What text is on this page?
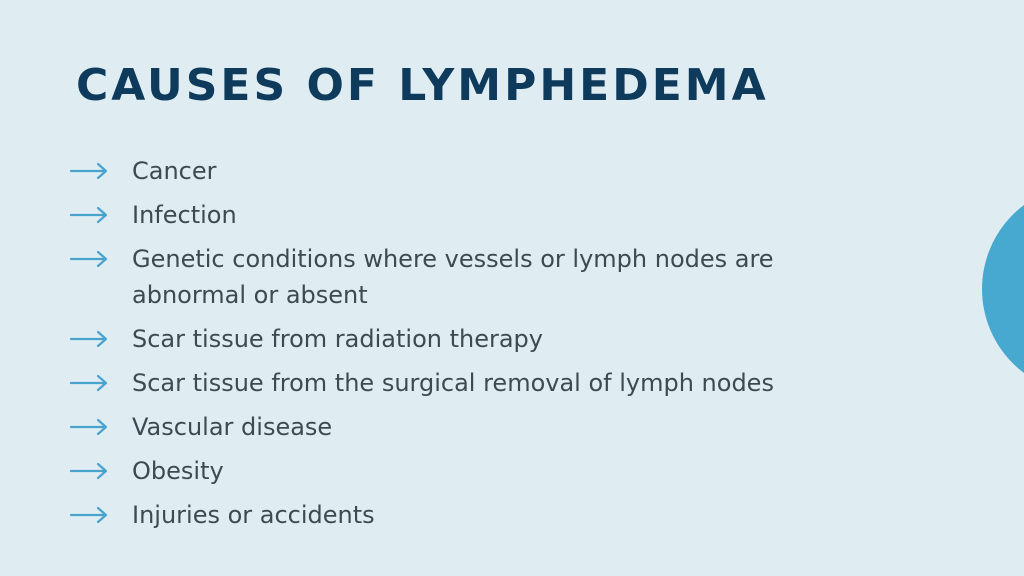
CAUSES OF LYMPHEDEMA
Cancer
Infection
Genetic conditions where vessels or lymph nodes are abnormal or absent
Scar tissue from radiation therapy
Scar tissue from the surgical removal of lymph nodes
Vascular disease
Obesity
Injuries or accidents
